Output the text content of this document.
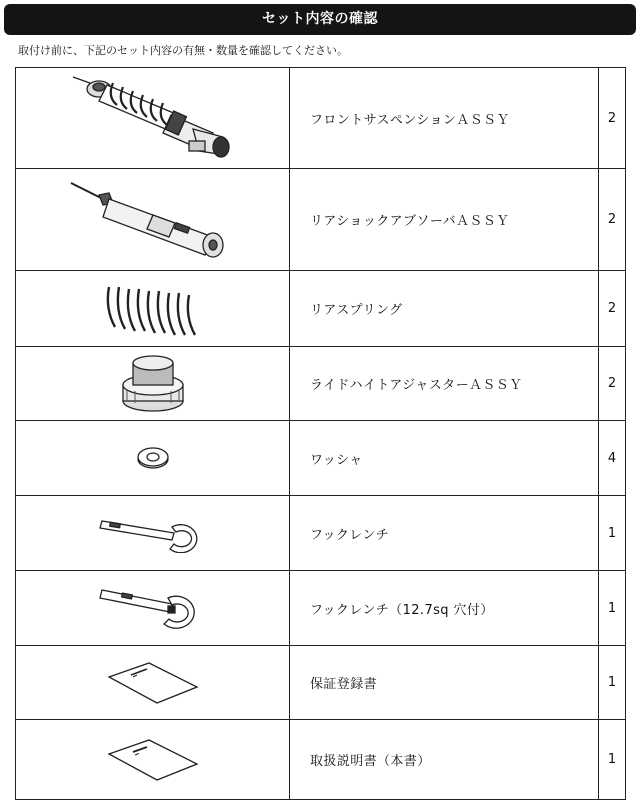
セット内容の確認
取付け前に、下記のセット内容の有無・数量を確認してください。
	フロントサスペンションＡＳＳＹ	2

	リアショックアブソーバＡＳＳＹ	2

	リアスプリング	2

	ライドハイトアジャスターＡＳＳＹ	2

	ワッシャ	4

	フックレンチ	1

	フックレンチ（12.7sq 穴付）	1

	保証登録書	1

	取扱説明書（本書）	1
